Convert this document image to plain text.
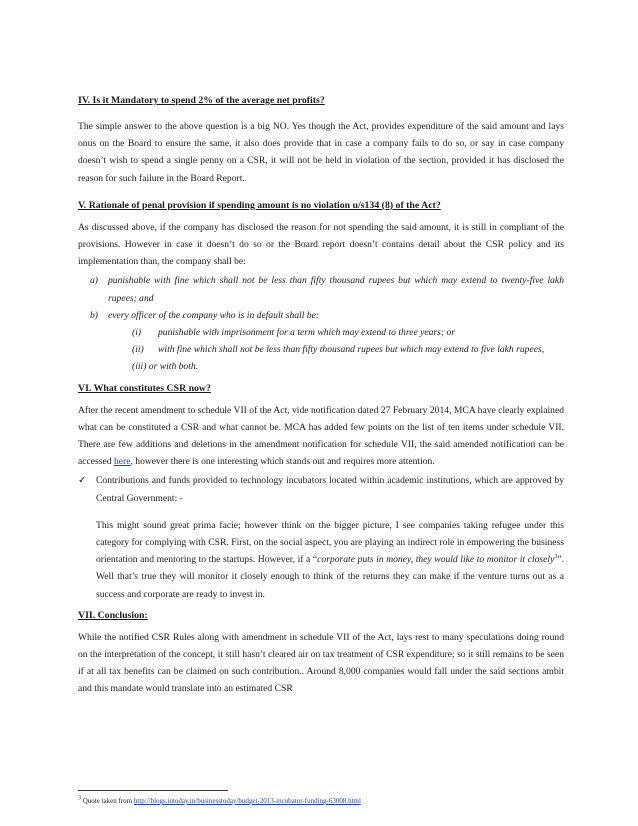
IV. Is it Mandatory to spend 2% of the average net profits?

The simple answer to the above question is a big NO. Yes though the Act, provides expenditure of the said amount and lays onus on the Board to ensure the same, it also does provide that in case a company fails to do so, or say in case company doesn’t wish to spend a single penny on a CSR, it will not be held in violation of the section, provided it has disclosed the reason for such failure in the Board Report.

V. Rationale of penal provision if spending amount is no violation u/s134 (8) of the Act?

As discussed above, if the company has disclosed the reason for not spending the said amount, it is still in compliant of the provisions. However in case it doesn’t do so or the Board report doesn’t contains detail about the CSR policy and its implementation than, the company shall be:

a) punishable with fine which shall not be less than fifty thousand rupees but which may extend to twenty-five lakh rupees; and
b) every officer of the company who is in default shall be:
(i) punishable with imprisonment for a term which may extend to three years; or
(ii) with fine which shall not be less than fifty thousand rupees but which may extend to five lakh rupees,
(iii) or with both.
VI. What constitutes CSR now?

After the recent amendment to schedule VII of the Act, vide notification dated 27 February 2014, MCA have clearly explained what can be constituted a CSR and what cannot be. MCA has added few points on the list of ten items under schedule VII. There are few additions and deletions in the amendment notification for schedule VII, the said amended notification can be accessed here, however there is one interesting which stands out and requires more attention.

✓ Contributions and funds provided to technology incubators located within academic institutions, which are approved by Central Government: -

This might sound great prima facie; however think on the bigger picture, I see companies taking refugee under this category for complying with CSR. First, on the social aspect, you are playing an indirect role in empowering the business orientation and mentoring to the startups. However, if a “corporate puts in money, they would like to monitor it closely$^3$”. Well that’s true they will monitor it closely enough to think of the returns they can make if the venture turns out as a success and corporate are ready to invest in.

VII. Conclusion:

While the notified CSR Rules along with amendment in schedule VII of the Act, lays rest to many speculations doing round on the interpretation of the concept, it still hasn’t cleared air on tax treatment of CSR expenditure; so it still remains to be seen if at all tax benefits can be claimed on such contribution.. Around 8,000 companies would fall under the said sections ambit and this mandate would translate into an estimated CSR

$^3$ Quote taken from http://blogs.intoday.in/businesstoday/budget-2013-incubator-funding-63008.html
